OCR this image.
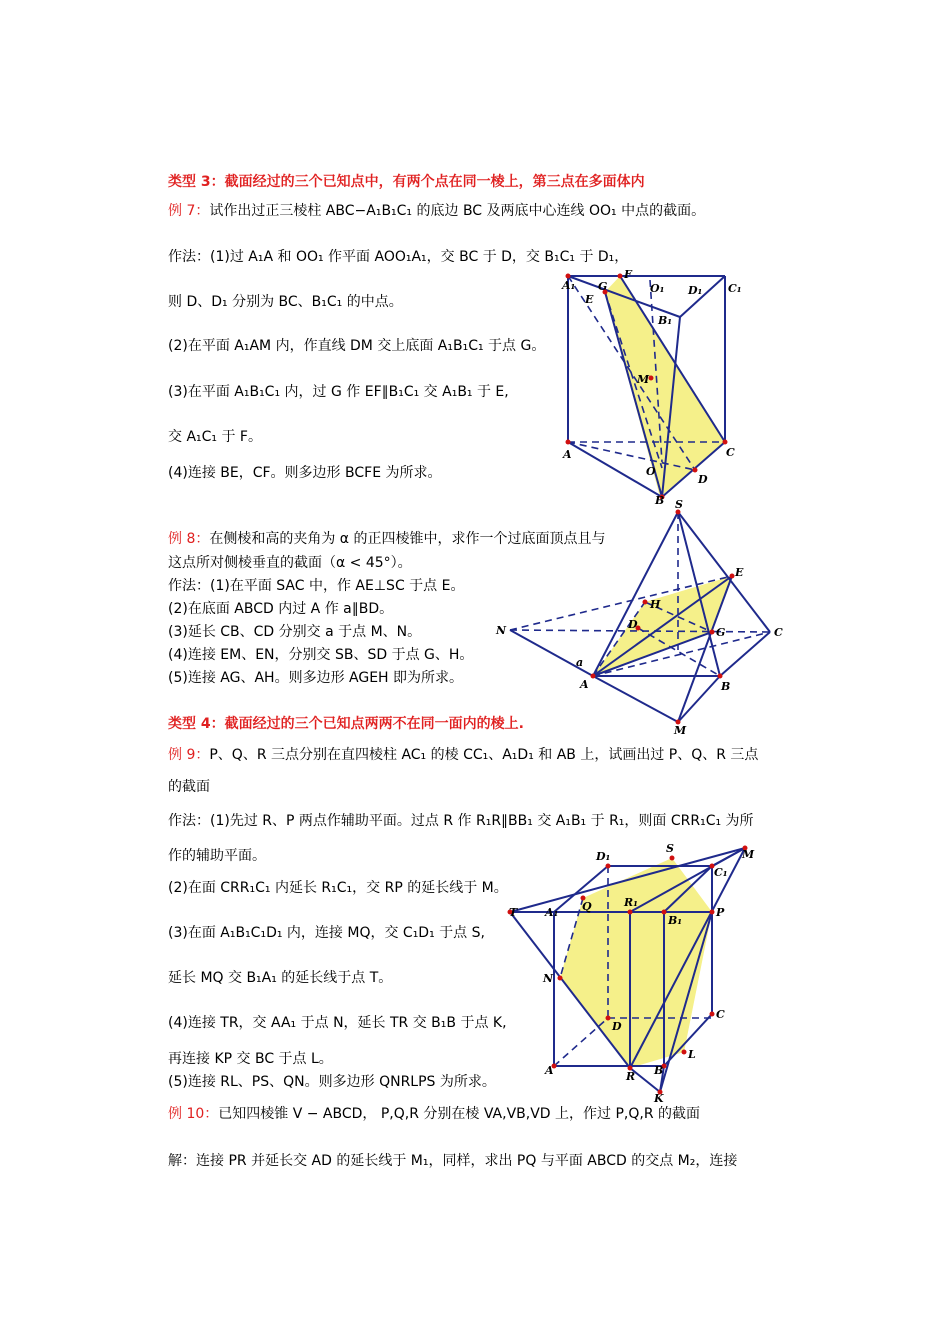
类型 3：截面经过的三个已知点中，有两个点在同一棱上，第三点在多面体内
例 7：试作出过正三棱柱 ABC−A₁B₁C₁ 的底边 BC 及两底中心连线 OO₁ 中点的截面。
作法：(1)过 A₁A 和 OO₁ 作平面 AOO₁A₁，交 BC 于 D，交 B₁C₁ 于 D₁，
则 D、D₁ 分别为 BC、B₁C₁ 的中点。
(2)在平面 A₁AM 内，作直线 DM 交上底面 A₁B₁C₁ 于点 G。
(3)在平面 A₁B₁C₁ 内，过 G 作 EF∥B₁C₁ 交 A₁B₁ 于 E,
交 A₁C₁ 于 F。
(4)连接 BE，CF。则多边形 BCFE 为所求。
A₁
F
O₁ D₁ C₁
E
G
B₁
M
A	C
O
D
B
例 8：在侧棱和高的夹角为 α 的正四棱锥中，求作一个过底面顶点且与
这点所对侧棱垂直的截面（α < 45°）。
作法：(1)在平面 SAC 中，作 AE⊥SC 于点 E。
(2)在底面 ABCD 内过 A 作 a∥BD。
(3)延长 CB、CD 分别交 a 于点 M、N。
(4)连接 EM、EN，分别交 SB、SD 于点 G、H。
(5)连接 AG、AH。则多边形 AGEH 即为所求。
S
E
H
N	D
G	C
a
A	B
M
类型 4：截面经过的三个已知点两两不在同一面内的棱上.
例 9：P、Q、R 三点分别在直四棱柱 AC₁ 的棱 CC₁、A₁D₁ 和 AB 上，试画出过 P、Q、R 三点
的截面
作法：(1)先过 R、P 两点作辅助平面。过点 R 作 R₁R∥BB₁ 交 A₁B₁ 于 R₁，则面 CRR₁C₁ 为所
作的辅助平面。
(2)在面 CRR₁C₁ 内延长 R₁C₁，交 RP 的延长线于 M。
(3)在面 A₁B₁C₁D₁ 内，连接 MQ，交 C₁D₁ 于点 S,
延长 MQ 交 B₁A₁ 的延长线于点 T。
(4)连接 TR，交 AA₁ 于点 N，延长 TR 交 B₁B 于点 K,
再连接 KP 交 BC 于点 L。
(5)连接 RL、PS、QN。则多边形 QNRLPS 为所求。
D₁
S	M
C₁
T	A₁ Q	R₁
B₁
P
N
D
C
L
A	R B
K
例 10：已知四棱锥 V − ABCD， P,Q,R 分别在棱 VA,VB,VD 上，作过 P,Q,R 的截面
解：连接 PR 并延长交 AD 的延长线于 M₁，同样，求出 PQ 与平面 ABCD 的交点 M₂，连接
